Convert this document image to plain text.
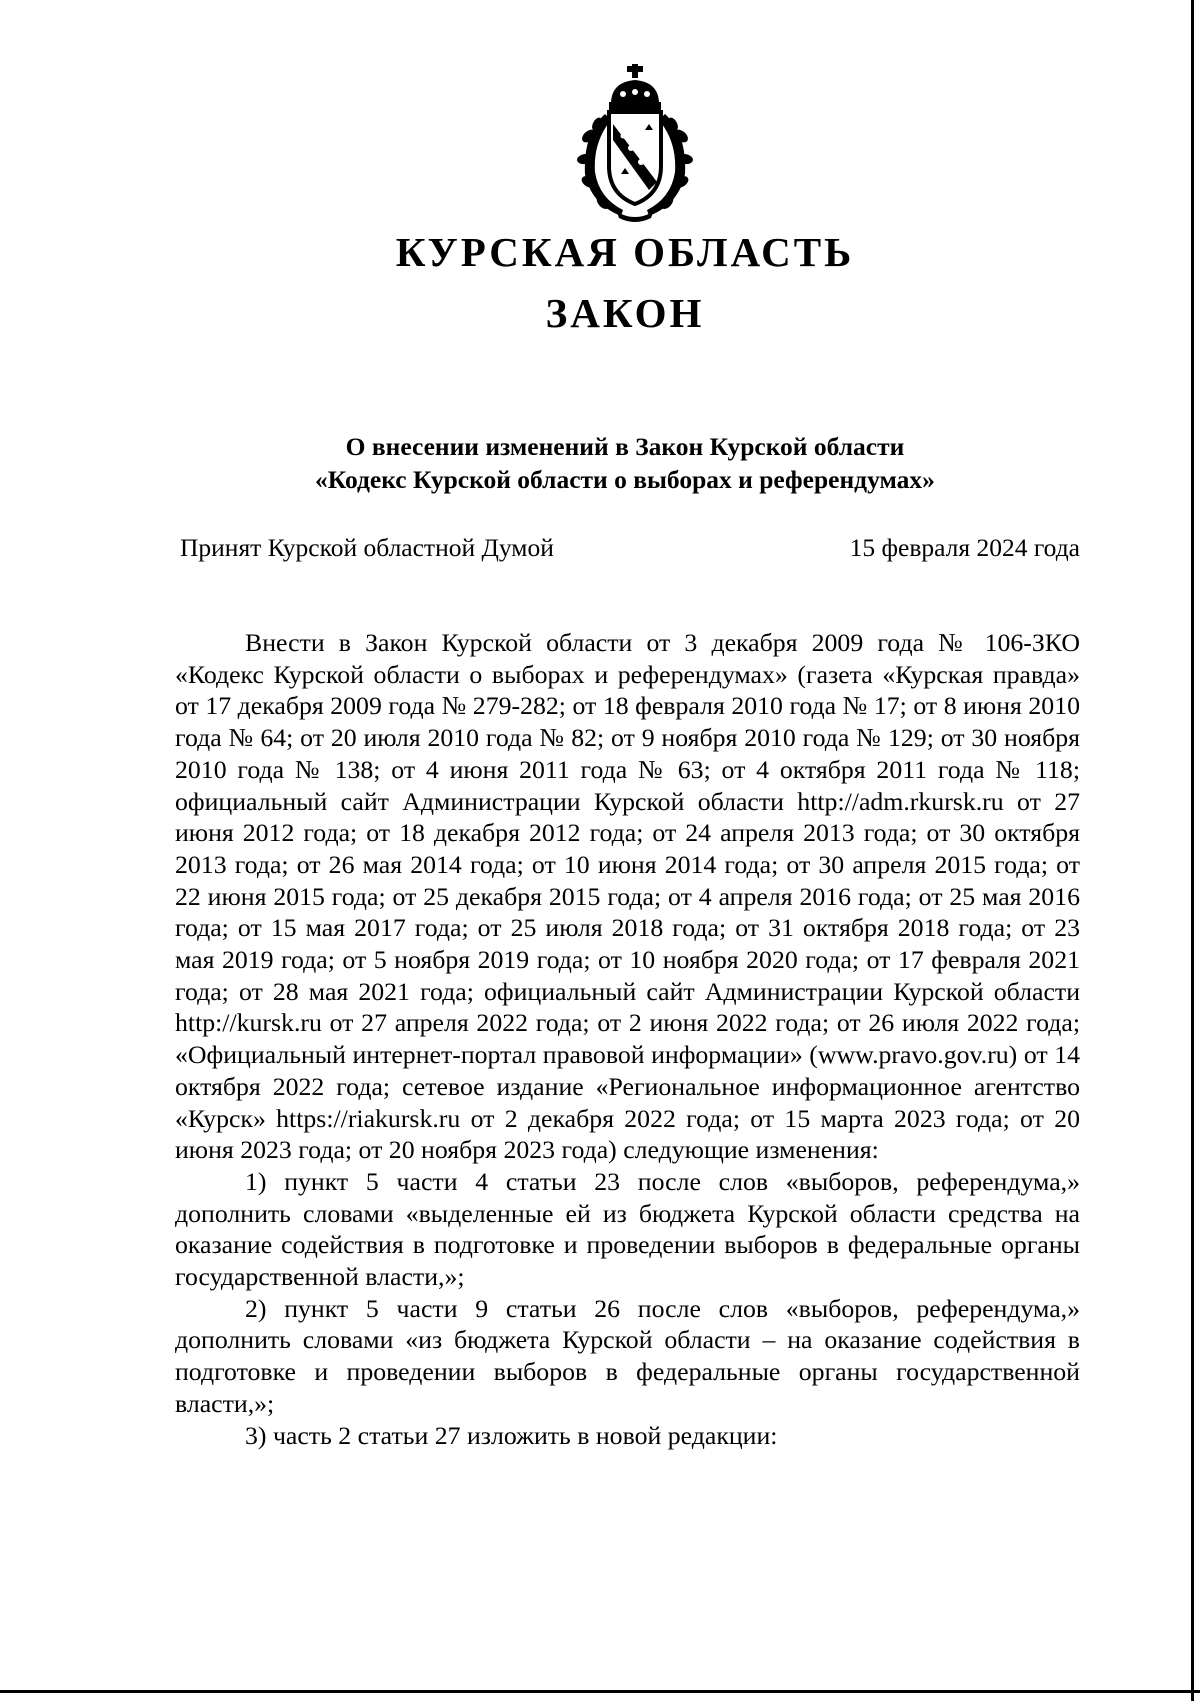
КУРСКАЯ ОБЛАСТЬ
ЗАКОН
О внесении изменений в Закон Курской области
«Кодекс Курской области о выборах и референдумах»
Принят Курской областной Думой	15 февраля 2024 года

Внести в Закон Курской области от 3 декабря 2009 года № 106-ЗКО «Кодекс Курской области о выборах и референдумах» (газета «Курская правда» от 17 декабря 2009 года № 279-282; от 18 февраля 2010 года № 17; от 8 июня 2010 года № 64; от 20 июля 2010 года № 82; от 9 ноября 2010 года № 129; от 30 ноября 2010 года № 138; от 4 июня 2011 года № 63; от 4 октября 2011 года № 118; официальный сайт Администрации Курской области http://adm.rkursk.ru от 27 июня 2012 года; от 18 декабря 2012 года; от 24 апреля 2013 года; от 30 октября 2013 года; от 26 мая 2014 года; от 10 июня 2014 года; от 30 апреля 2015 года; от 22 июня 2015 года; от 25 декабря 2015 года; от 4 апреля 2016 года; от 25 мая 2016 года; от 15 мая 2017 года; от 25 июля 2018 года; от 31 октября 2018 года; от 23 мая 2019 года; от 5 ноября 2019 года; от 10 ноября 2020 года; от 17 февраля 2021 года; от 28 мая 2021 года; официальный сайт Администрации Курской области http://kursk.ru от 27 апреля 2022 года; от 2 июня 2022 года; от 26 июля 2022 года; «Официальный интернет-портал правовой информации» (www.pravo.gov.ru) от 14 октября 2022 года; сетевое издание «Региональное информационное агентство «Курск» https://riakursk.ru от 2 декабря 2022 года; от 15 марта 2023 года; от 20 июня 2023 года; от 20 ноября 2023 года) следующие изменения:

1) пункт 5 части 4 статьи 23 после слов «выборов, референдума,» дополнить словами «выделенные ей из бюджета Курской области средства на оказание содействия в подготовке и проведении выборов в федеральные органы государственной власти,»;

2) пункт 5 части 9 статьи 26 после слов «выборов, референдума,» дополнить словами «из бюджета Курской области – на оказание содействия в подготовке и проведении выборов в федеральные органы государственной власти,»;

3) часть 2 статьи 27 изложить в новой редакции:
